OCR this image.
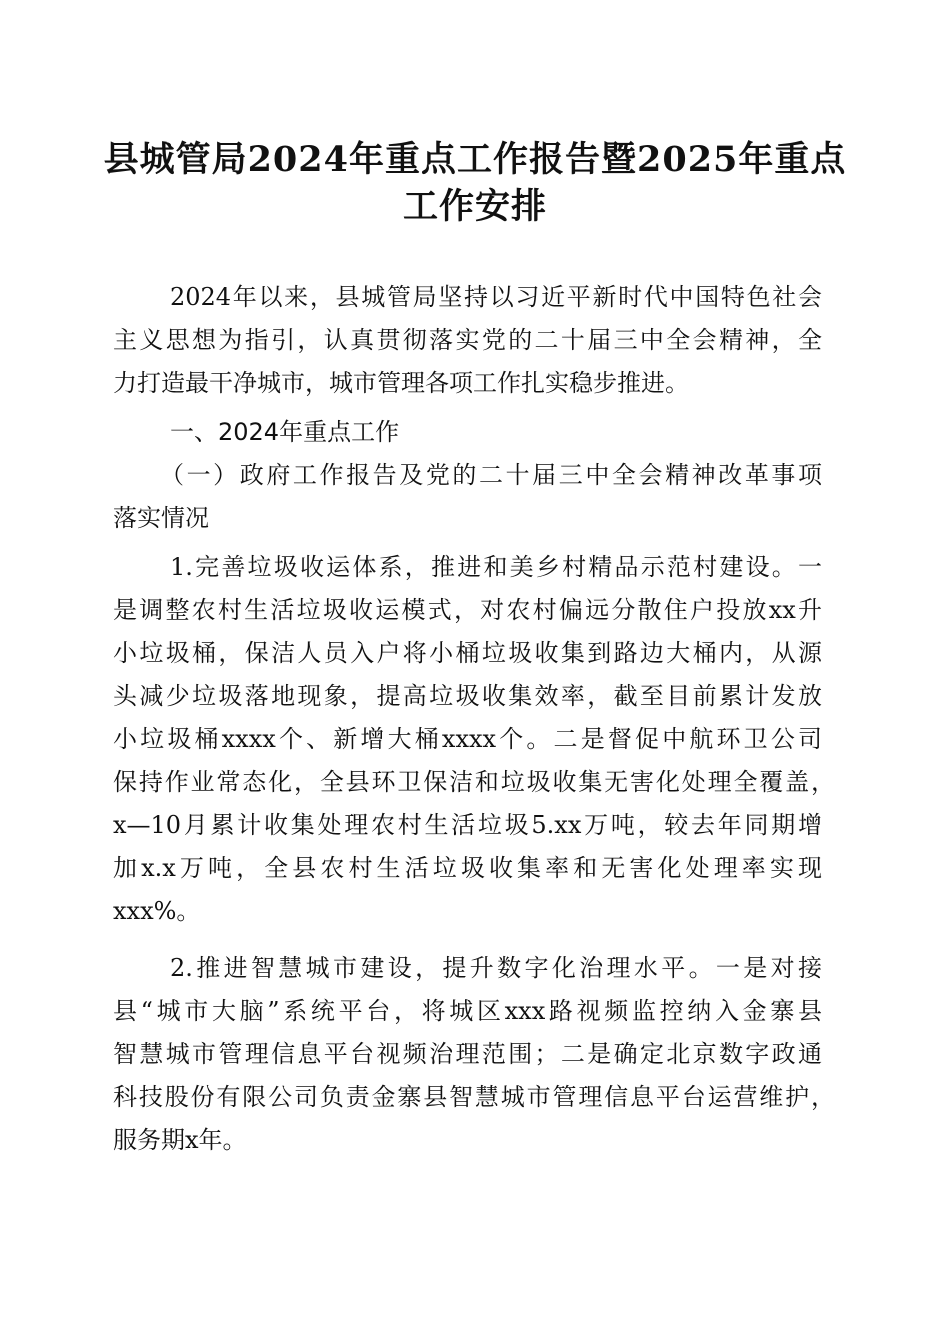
县城管局2024年重点工作报告暨2025年重点
工作安排
2024年以来，县城管局坚持以习近平新时代中国特色社会
主义思想为指引，认真贯彻落实党的二十届三中全会精神，全
力打造最干净城市，城市管理各项工作扎实稳步推进。
一、2024年重点工作
（一）政府工作报告及党的二十届三中全会精神改革事项
落实情况
1.完善垃圾收运体系，推进和美乡村精品示范村建设。一
是调整农村生活垃圾收运模式，对农村偏远分散住户投放xx升
小垃圾桶，保洁人员入户将小桶垃圾收集到路边大桶内，从源
头减少垃圾落地现象，提高垃圾收集效率，截至目前累计发放
小垃圾桶xxxx个、新增大桶xxxx个。二是督促中航环卫公司
保持作业常态化，全县环卫保洁和垃圾收集无害化处理全覆盖，
x—10月累计收集处理农村生活垃圾5.xx万吨，较去年同期增
加x.x万吨，全县农村生活垃圾收集率和无害化处理率实现
xxx%。
2.推进智慧城市建设，提升数字化治理水平。一是对接
县“城市大脑”系统平台，将城区xxx路视频监控纳入金寨县
智慧城市管理信息平台视频治理范围；二是确定北京数字政通
科技股份有限公司负责金寨县智慧城市管理信息平台运营维护，
服务期x年。
